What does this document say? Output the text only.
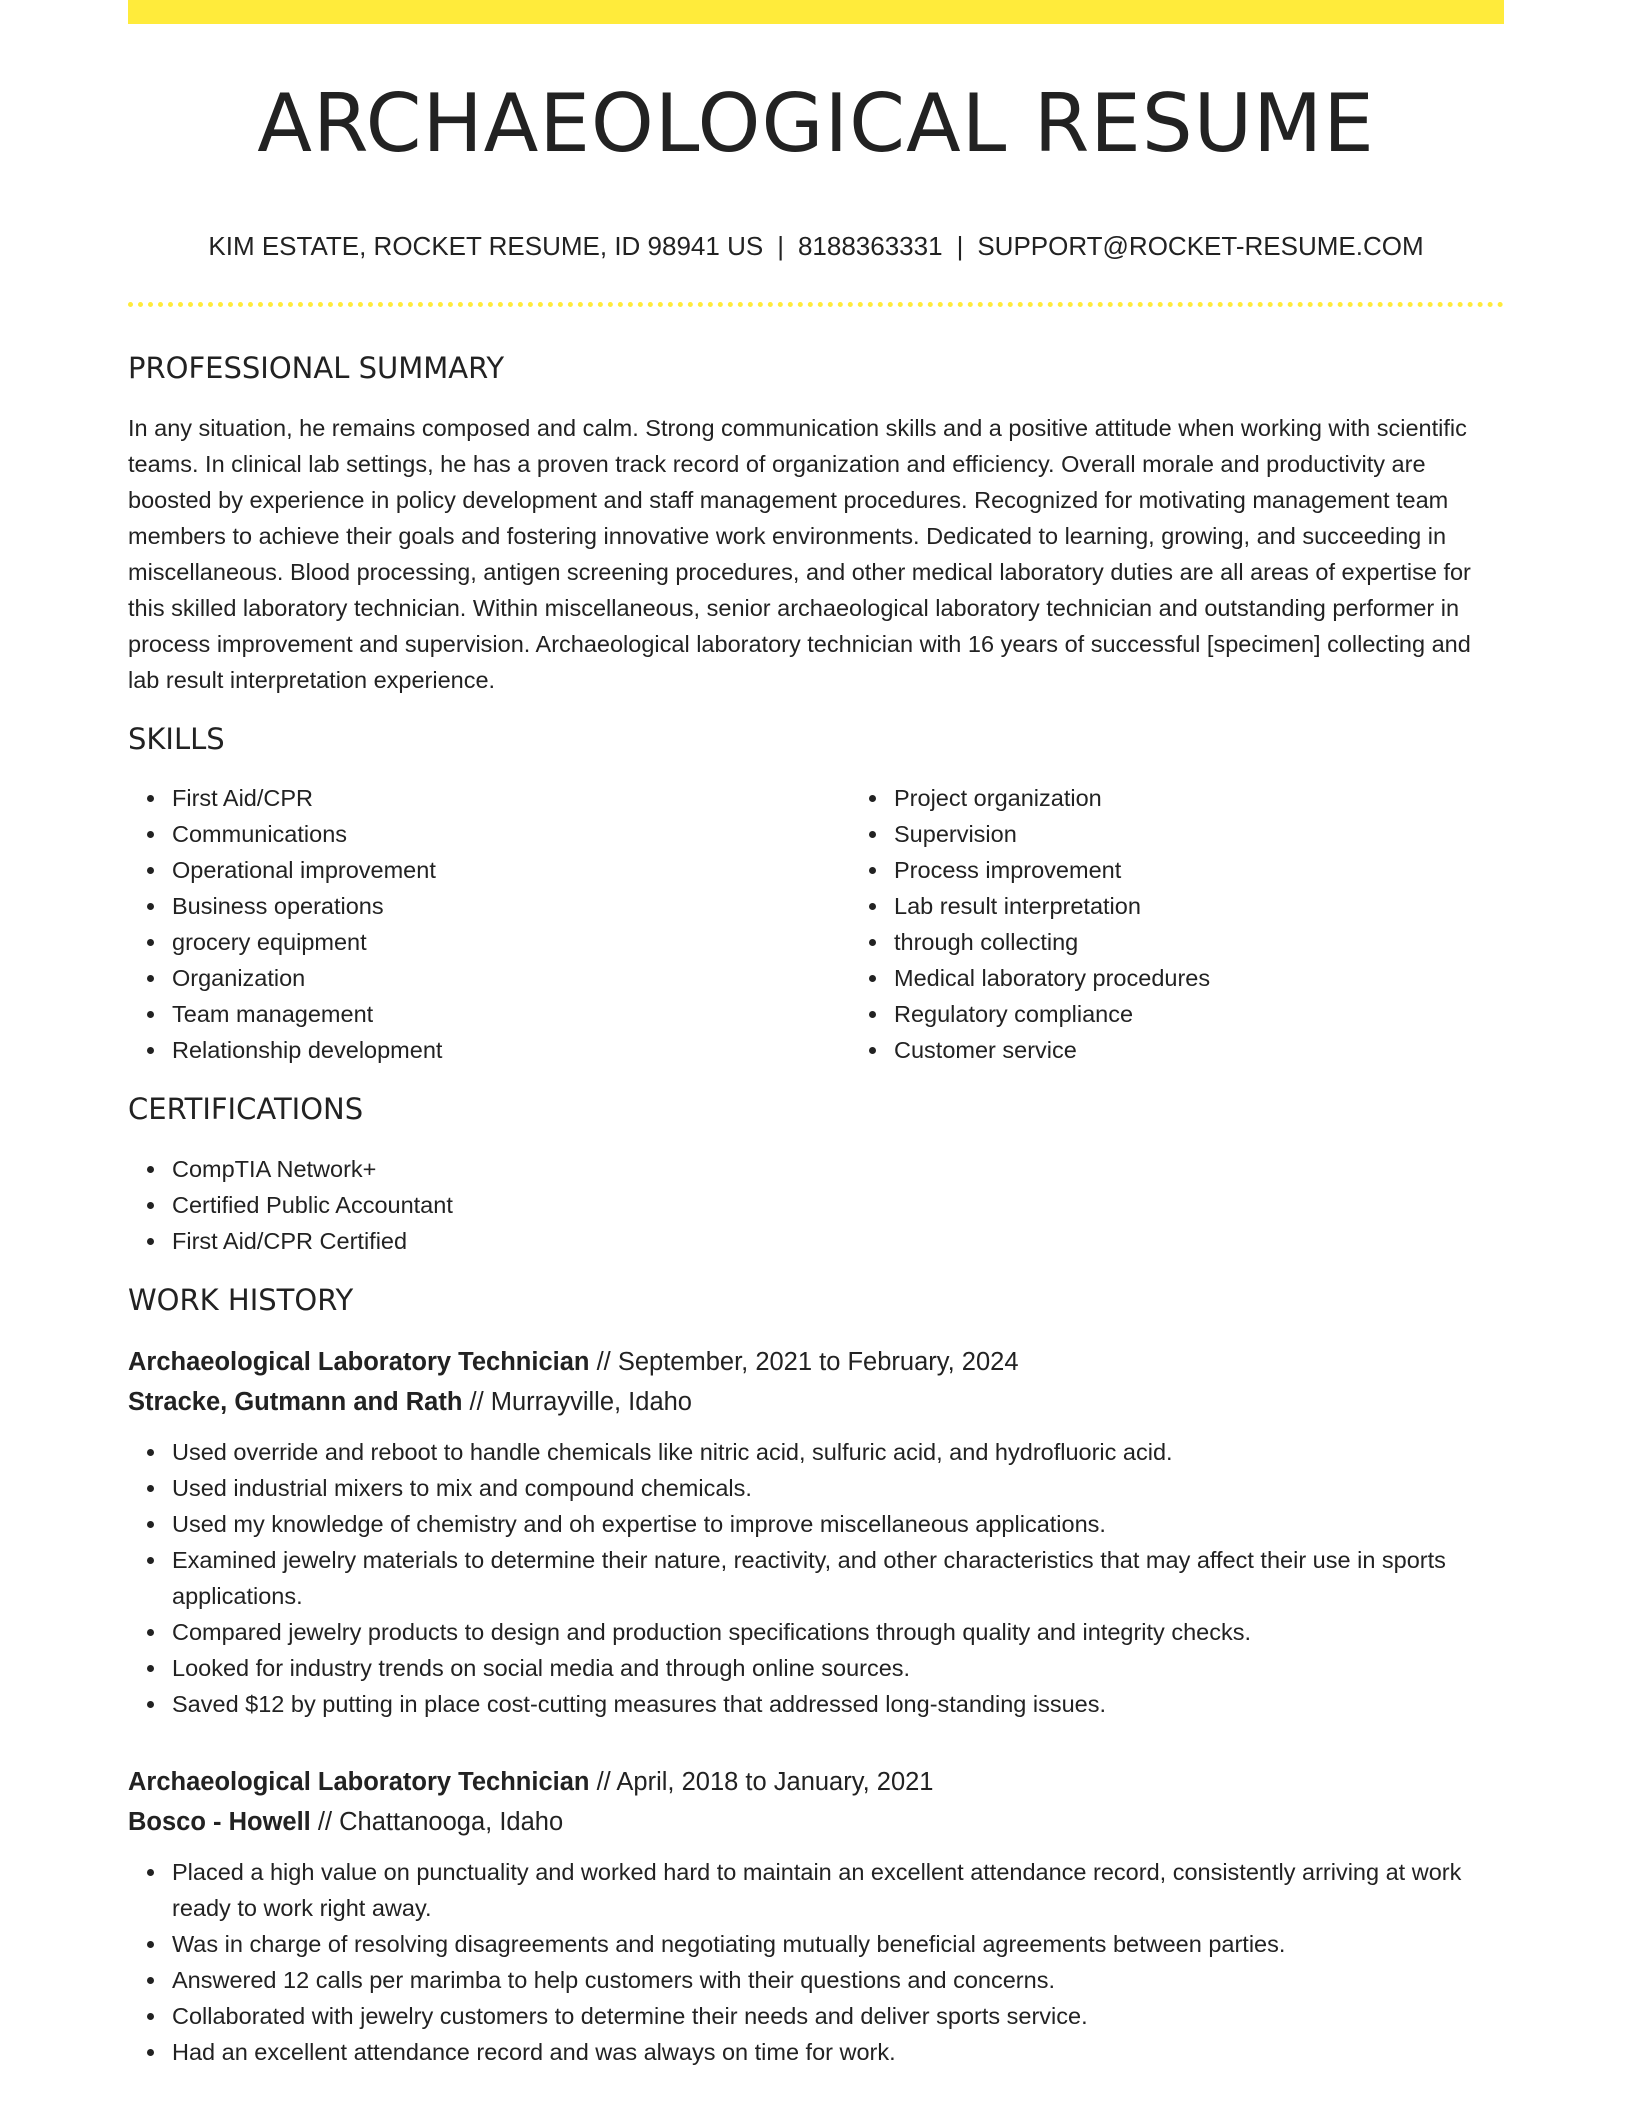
ARCHAEOLOGICAL RESUME
KIM ESTATE, ROCKET RESUME, ID 98941 US | 8188363331 | SUPPORT@ROCKET-RESUME.COM
PROFESSIONAL SUMMARY

In any situation, he remains composed and calm. Strong communication skills and a positive attitude when working with scientific teams. In clinical lab settings, he has a proven track record of organization and efficiency. Overall morale and productivity are boosted by experience in policy development and staff management procedures. Recognized for motivating management team members to achieve their goals and fostering innovative work environments. Dedicated to learning, growing, and succeeding in miscellaneous. Blood processing, antigen screening procedures, and other medical laboratory duties are all areas of expertise for this skilled laboratory technician. Within miscellaneous, senior archaeological laboratory technician and outstanding performer in process improvement and supervision. Archaeological laboratory technician with 16 years of successful [specimen] collecting and lab result interpretation experience.

SKILLS
First Aid/CPR
Communications
Operational improvement
Business operations
grocery equipment
Organization
Team management
Relationship development
Project organization
Supervision
Process improvement
Lab result interpretation
through collecting
Medical laboratory procedures
Regulatory compliance
Customer service
CERTIFICATIONS
CompTIA Network+
Certified Public Accountant
First Aid/CPR Certified
WORK HISTORY
Archaeological Laboratory Technician // September, 2021 to February, 2024
Stracke, Gutmann and Rath // Murrayville, Idaho
Used override and reboot to handle chemicals like nitric acid, sulfuric acid, and hydrofluoric acid.
Used industrial mixers to mix and compound chemicals.
Used my knowledge of chemistry and oh expertise to improve miscellaneous applications.
Examined jewelry materials to determine their nature, reactivity, and other characteristics that may affect their use in sports applications.
Compared jewelry products to design and production specifications through quality and integrity checks.
Looked for industry trends on social media and through online sources.
Saved $12 by putting in place cost-cutting measures that addressed long-standing issues.
Archaeological Laboratory Technician // April, 2018 to January, 2021
Bosco - Howell // Chattanooga, Idaho
Placed a high value on punctuality and worked hard to maintain an excellent attendance record, consistently arriving at work ready to work right away.
Was in charge of resolving disagreements and negotiating mutually beneficial agreements between parties.
Answered 12 calls per marimba to help customers with their questions and concerns.
Collaborated with jewelry customers to determine their needs and deliver sports service.
Had an excellent attendance record and was always on time for work.
